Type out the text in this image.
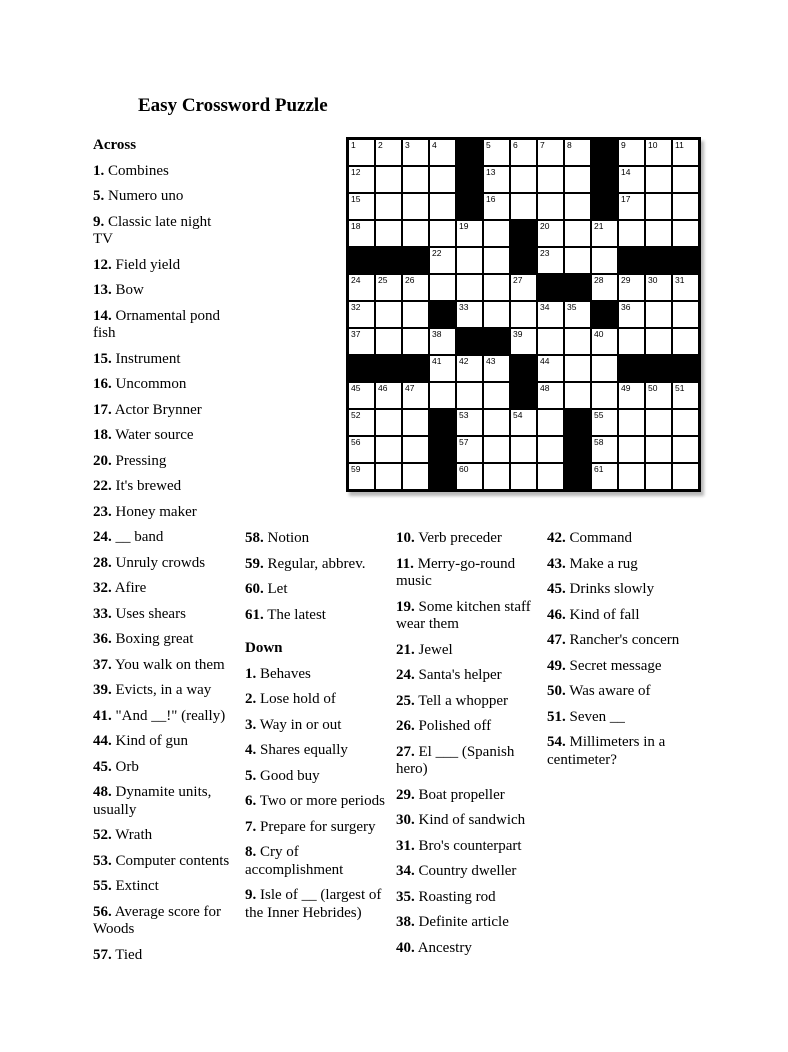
Easy Crossword Puzzle
1	2	3	4	5	6	7	8	9	10 11
12	13	14
15	16	17
18	19	20	21
22	23
24 25 26	27	28 29 30 31
32	33	34 35	36
37	38	39	40
41 42 43	44
45 46 47	48	49 50 51
52	53	54	55
56	57	58
59	60	61

Across

1. Combines

5. Numero uno

9. Classic late night TV

12. Field yield

13. Bow

14. Ornamental pond fish

15. Instrument

16. Uncommon

17. Actor Brynner

18. Water source

20. Pressing

22. It's brewed

23. Honey maker

24. __ band

28. Unruly crowds

32. Afire

33. Uses shears

36. Boxing great

37. You walk on them

39. Evicts, in a way

41. "And __!" (really)

44. Kind of gun

45. Orb

48. Dynamite units, usually

52. Wrath

53. Computer contents

55. Extinct

56. Average score for Woods

57. Tied

58. Notion

59. Regular, abbrev.

60. Let

61. The latest

Down

1. Behaves

2. Lose hold of

3. Way in or out

4. Shares equally

5. Good buy

6. Two or more periods

7. Prepare for surgery

8. Cry of accomplishment

9. Isle of __ (largest of the Inner Hebrides)

10. Verb preceder

11. Merry-go-round music

19. Some kitchen staff wear them

21. Jewel

24. Santa's helper

25. Tell a whopper

26. Polished off

27. El ___ (Spanish hero)

29. Boat propeller

30. Kind of sandwich

31. Bro's counterpart

34. Country dweller

35. Roasting rod

38. Definite article

40. Ancestry

42. Command

43. Make a rug

45. Drinks slowly

46. Kind of fall

47. Rancher's concern

49. Secret message

50. Was aware of

51. Seven __

54. Millimeters in a centimeter?
